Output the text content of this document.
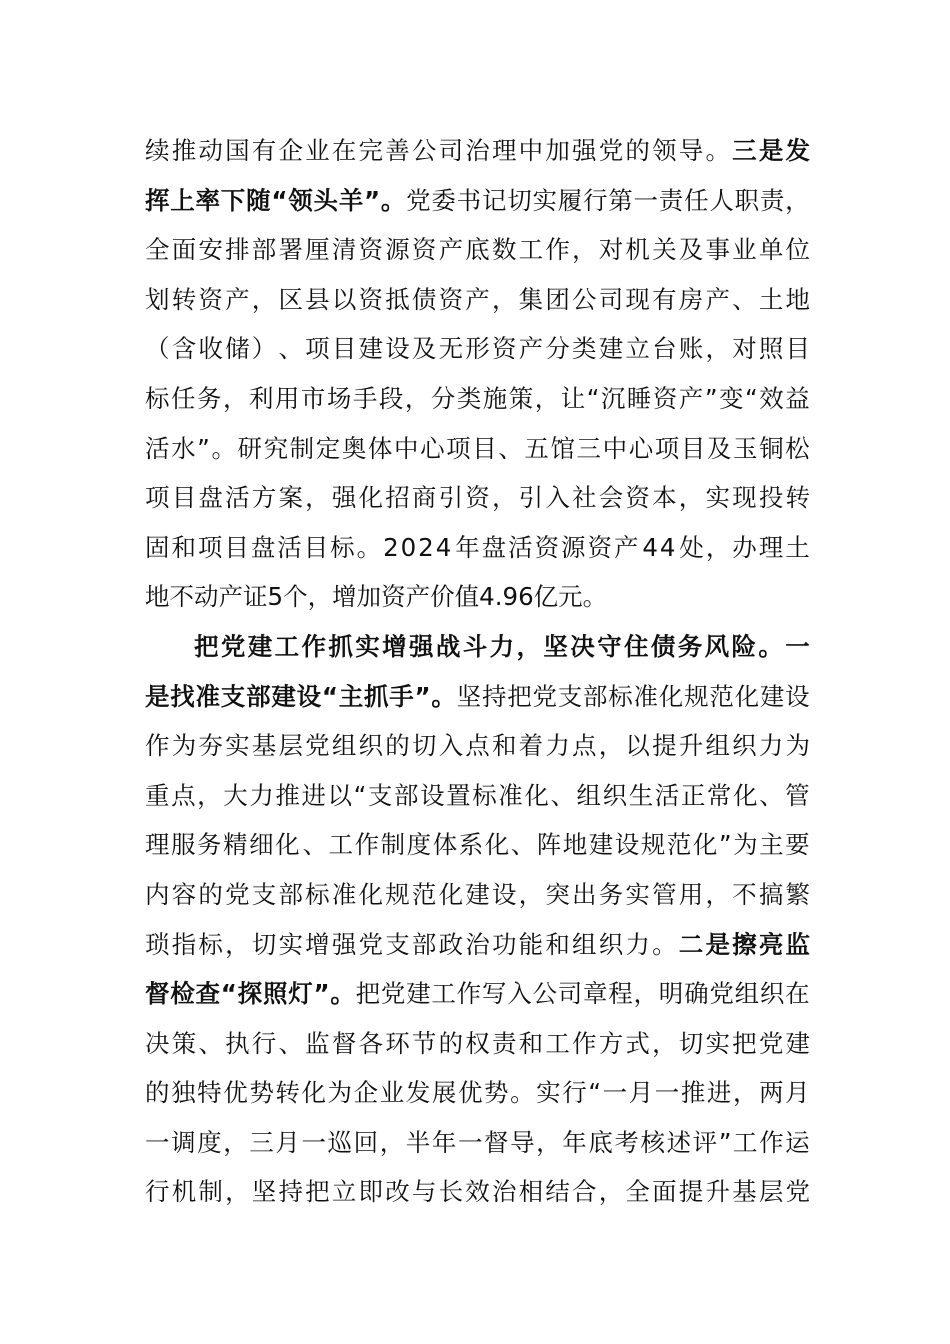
续 推 动 国 有 企 业 在 完 善 公 司 治 理 中 加 强 党 的 领 导 。 三 是 发
挥 上 率 下 随 “ 领 头 羊 ” 。 党 委 书 记 切 实 履 行 第 一 责 任 人 职 责 ，
全 面 安 排 部 署 厘 清 资 源 资 产 底 数 工 作 ， 对 机 关 及 事 业 单 位
划 转 资 产 ， 区 县 以 资 抵 债 资 产 ， 集 团 公 司 现 有 房 产 、 土 地
（ 含 收 储 ） 、 项 目 建 设 及 无 形 资 产 分 类 建 立 台 账 ， 对 照 目
标 任 务 ， 利 用 市 场 手 段 ， 分 类 施 策 ， 让 “ 沉 睡 资 产 ” 变 “ 效 益
活 水 ” 。 研 究 制 定 奥 体 中 心 项 目 、 五 馆 三 中 心 项 目 及 玉 铜 松
项 目 盘 活 方 案 ， 强 化 招 商 引 资 ， 引 入 社 会 资 本 ， 实 现 投 转
固 和 项 目 盘 活 目 标 。 2 0 2 4 年 盘 活 资 源 资 产 4 4 处 ， 办 理 土
地 不 动 产 证 5 个 ， 增 加 资 产 价 值 4 . 9 6 亿 元 。
把 党 建 工 作 抓 实 增 强 战 斗 力 ， 坚 决 守 住 债 务 风 险 。 一
是 找 准 支 部 建 设 “ 主 抓 手 ” 。 坚 持 把 党 支 部 标 准 化 规 范 化 建 设
作 为 夯 实 基 层 党 组 织 的 切 入 点 和 着 力 点 ， 以 提 升 组 织 力 为
重 点 ， 大 力 推 进 以 “ 支 部 设 置 标 准 化 、 组 织 生 活 正 常 化 、 管
理 服 务 精 细 化 、 工 作 制 度 体 系 化 、 阵 地 建 设 规 范 化 ” 为 主 要
内 容 的 党 支 部 标 准 化 规 范 化 建 设 ， 突 出 务 实 管 用 ， 不 搞 繁
琐 指 标 ， 切 实 增 强 党 支 部 政 治 功 能 和 组 织 力 。 二 是 擦 亮 监
督 检 查 “ 探 照 灯 ” 。 把 党 建 工 作 写 入 公 司 章 程 ， 明 确 党 组 织 在
决 策 、 执 行 、 监 督 各 环 节 的 权 责 和 工 作 方 式 ， 切 实 把 党 建
的 独 特 优 势 转 化 为 企 业 发 展 优 势 。 实 行 “ 一 月 一 推 进 ， 两 月
一 调 度 ， 三 月 一 巡 回 ， 半 年 一 督 导 ， 年 底 考 核 述 评 ” 工 作 运
行 机 制 ， 坚 持 把 立 即 改 与 长 效 治 相 结 合 ， 全 面 提 升 基 层 党
